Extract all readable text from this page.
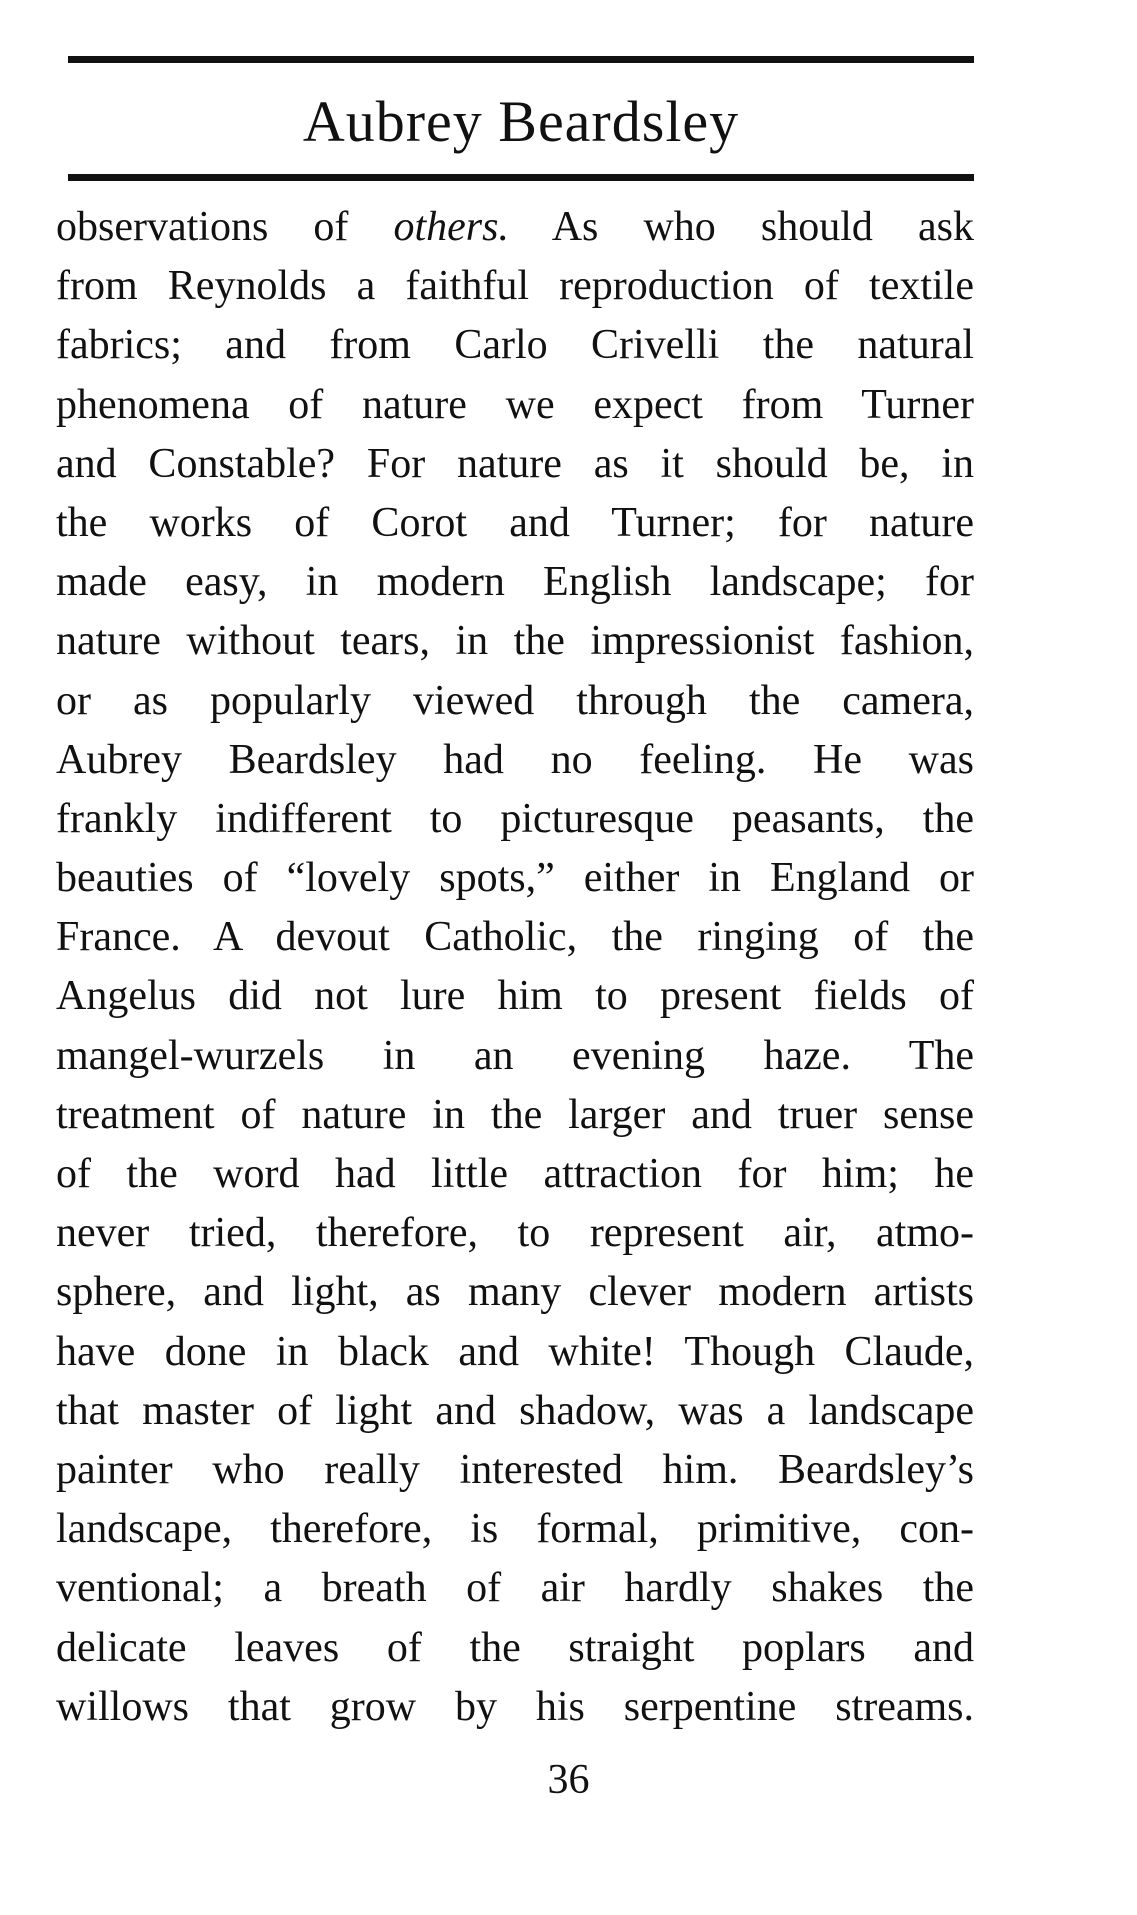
Aubrey Beardsley
observations of others. As who should ask
from Reynolds a faithful reproduction of textile
fabrics; and from Carlo Crivelli the natural
phenomena of nature we expect from Turner
and Constable? For nature as it should be, in
the works of Corot and Turner; for nature
made easy, in modern English landscape; for
nature without tears, in the impressionist fashion,
or as popularly viewed through the camera,
Aubrey Beardsley had no feeling. He was
frankly indifferent to picturesque peasants, the
beauties of “lovely spots,” either in England or
France. A devout Catholic, the ringing of the
Angelus did not lure him to present fields of
mangel-wurzels in an evening haze. The
treatment of nature in the larger and truer sense
of the word had little attraction for him; he
never tried, therefore, to represent air, atmo-
sphere, and light, as many clever modern artists
have done in black and white! Though Claude,
that master of light and shadow, was a landscape
painter who really interested him. Beardsley’s
landscape, therefore, is formal, primitive, con-
ventional; a breath of air hardly shakes the
delicate leaves of the straight poplars and
willows that grow by his serpentine streams.
36
